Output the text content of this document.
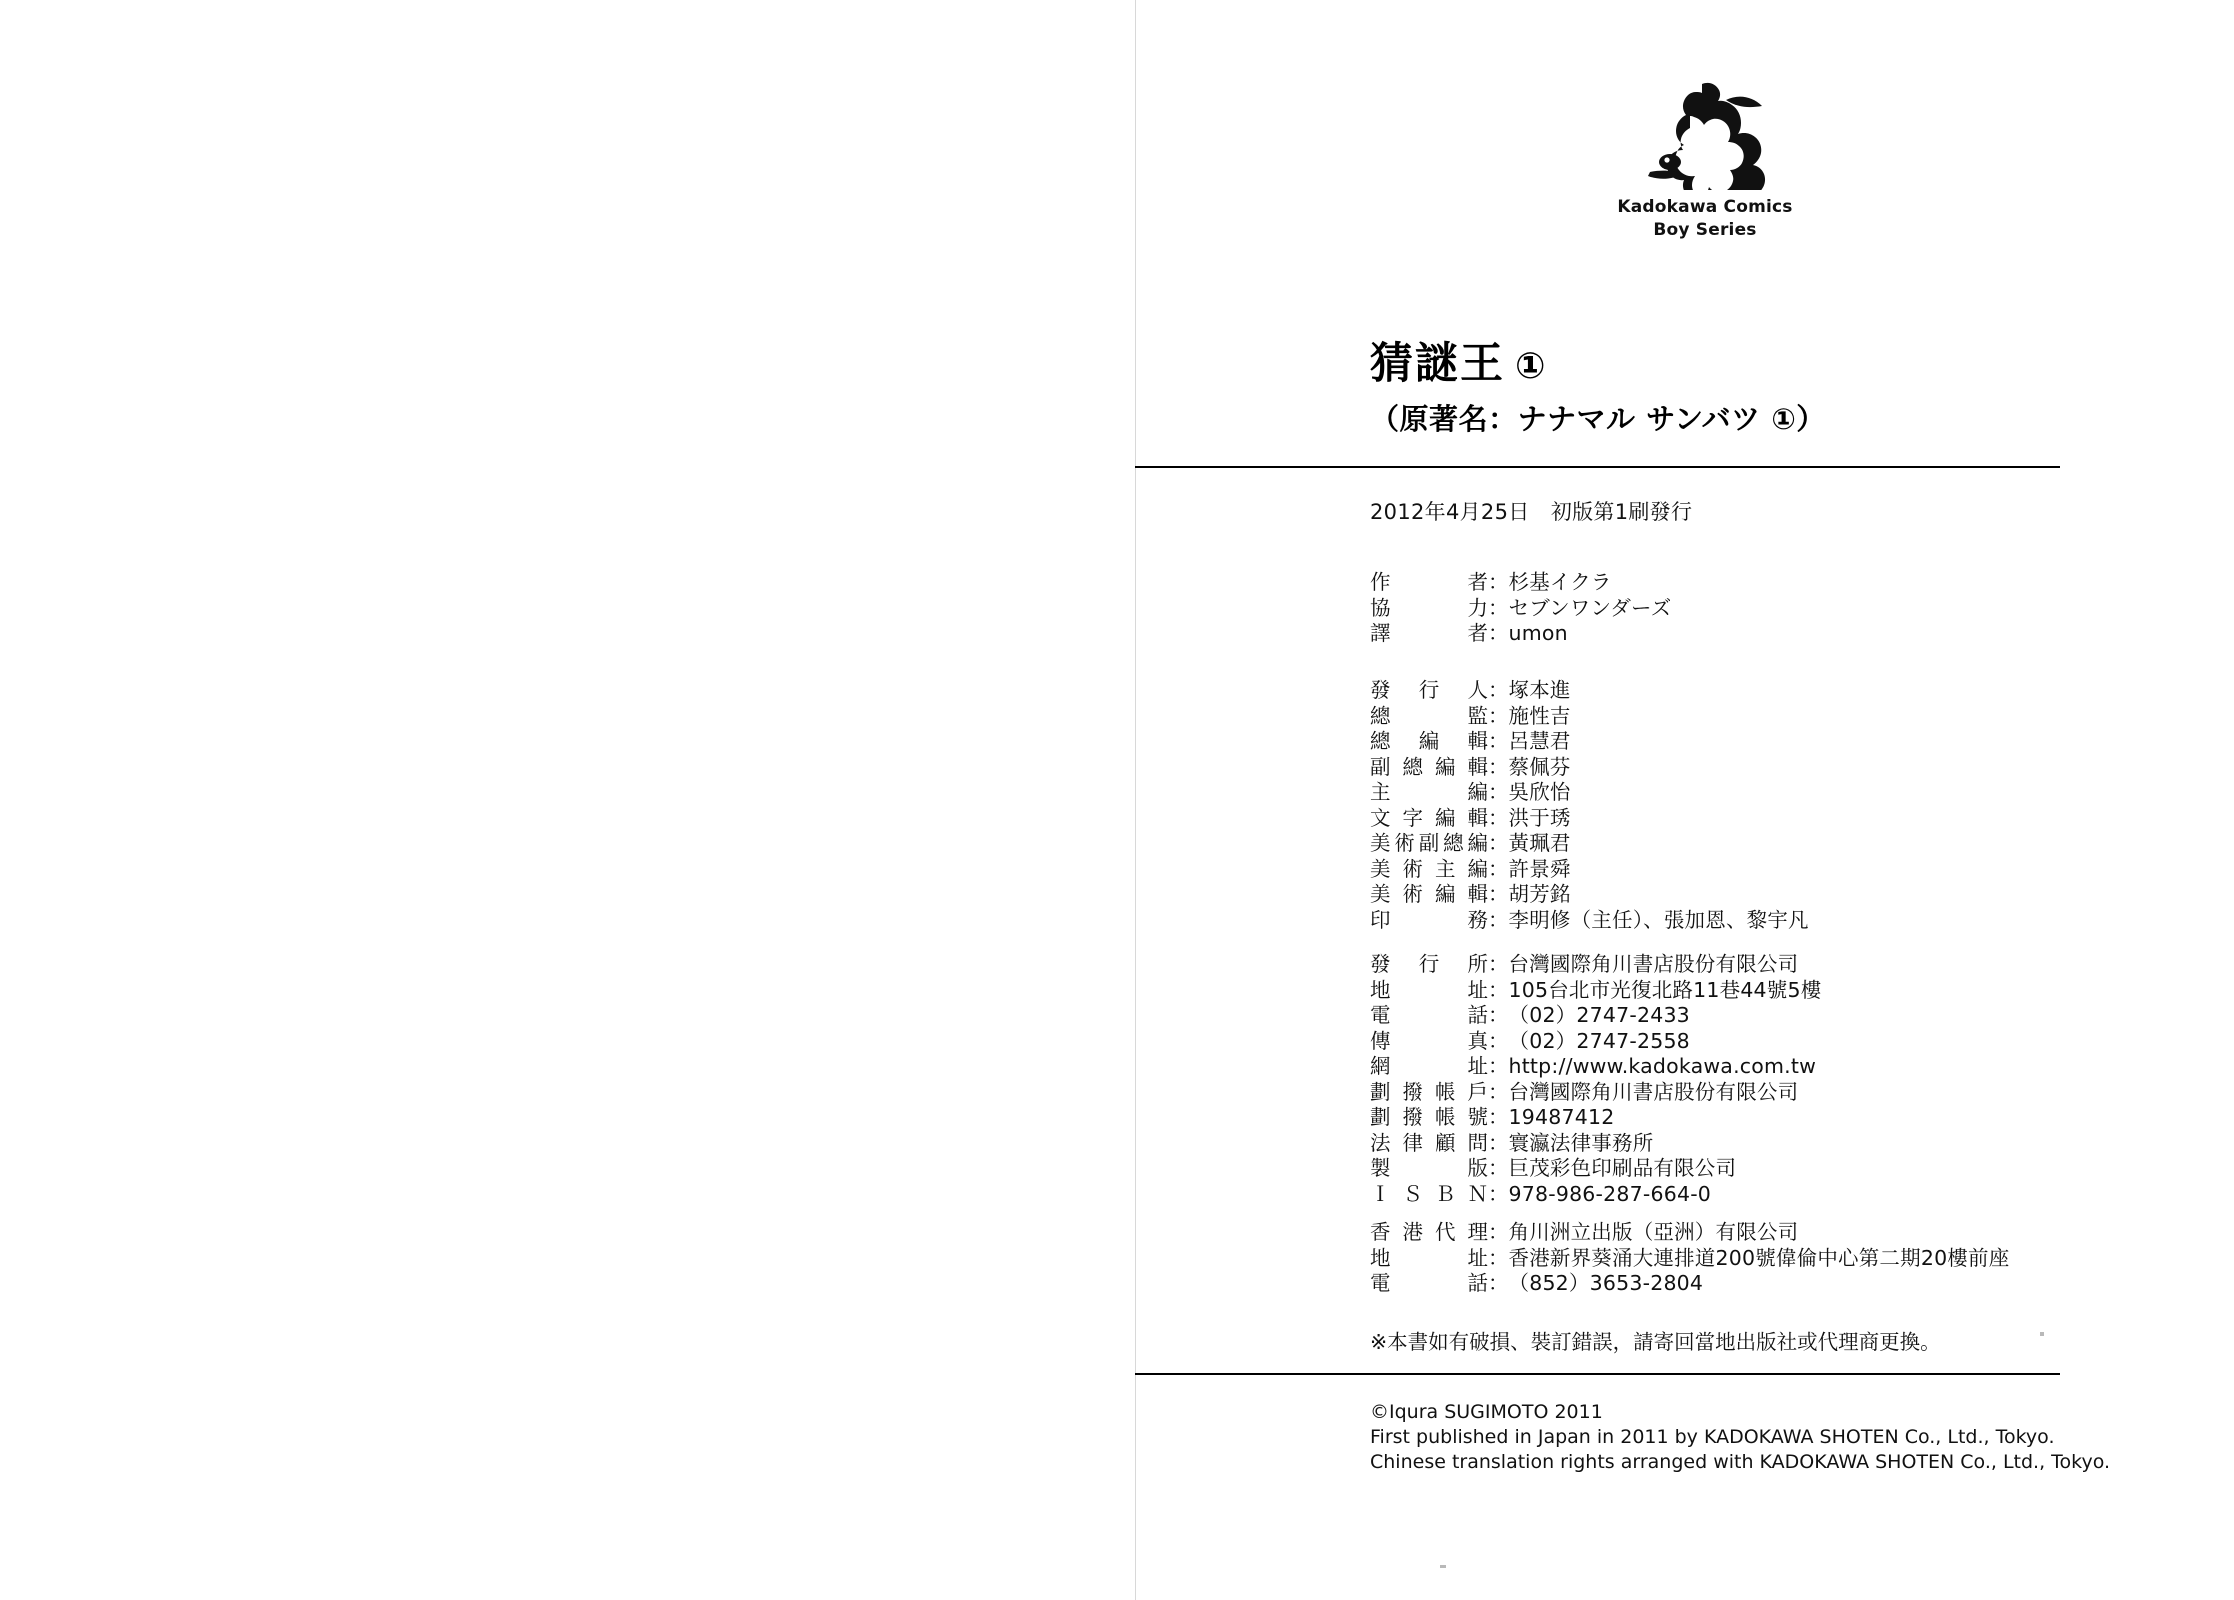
Kadokawa Comics
Boy Series
猜謎王 ①
（原著名：ナナマル サンバツ ①）
2012年4月25日　初版第1刷發行
作　　者 ： 杉基イクラ
協　　力 ： セブンワンダーズ
譯　　者 ： umon
發 行 人 ： 塚本進
總　　監 ： 施性吉
總 編 輯 ： 呂慧君
副總編輯 ： 蔡佩芬
主　　編 ： 吳欣怡
文字編輯 ： 洪于琇
美術副總編 ： 黃珮君
美術主編 ： 許景舜
美術編輯 ： 胡芳銘
印　　務 ： 李明修（主任）、張加恩、黎宇凡
發 行 所 ： 台灣國際角川書店股份有限公司
地　　址 ： 105台北市光復北路11巷44號5樓
電　　話 ： （02）2747-2433
傳　　真 ： （02）2747-2558
網　　址 ： http://www.kadokawa.com.tw
劃撥帳戶 ： 台灣國際角川書店股份有限公司
劃撥帳號 ： 19487412
法律顧問 ： 寰瀛法律事務所
製　　版 ： 巨茂彩色印刷品有限公司
Ｉ Ｓ Ｂ Ｎ ： 978-986-287-664-0
香港代理 ： 角川洲立出版（亞洲）有限公司
地　　址 ： 香港新界葵涌大連排道200號偉倫中心第二期20樓前座
電　　話 ： （852）3653-2804
※本書如有破損、裝訂錯誤，請寄回當地出版社或代理商更換。
©Iqura SUGIMOTO 2011
First published in Japan in 2011 by KADOKAWA SHOTEN Co., Ltd., Tokyo.
Chinese translation rights arranged with KADOKAWA SHOTEN Co., Ltd., Tokyo.
